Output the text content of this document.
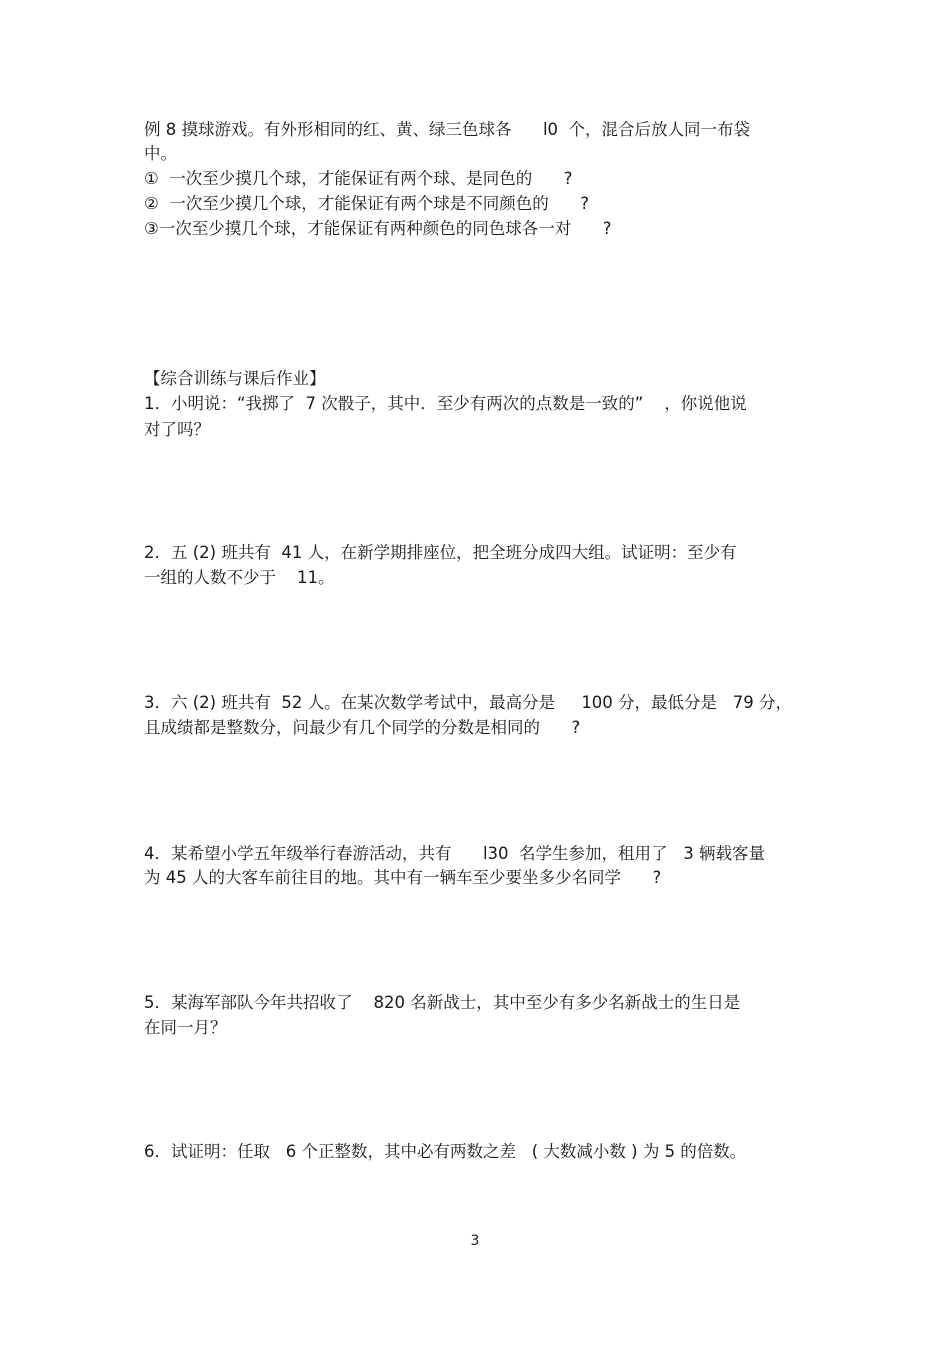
例 8 摸球游戏。有外形相同的红、黄、绿三色球各      l0  个，混合后放人同一布袋
中。
①  一次至少摸几个球，才能保证有两个球、是同色的      ?
②  一次至少摸几个球，才能保证有两个球是不同颜色的      ?
③一次至少摸几个球，才能保证有两种颜色的同色球各一对      ?
【综合训练与课后作业】
1．小明说：“我掷了  7 次骰子，其中．至少有两次的点数是一致的”    ，你说他说
对了吗？
2．五 (2) 班共有  41 人，在新学期排座位，把全班分成四大组。试证明：至少有
一组的人数不少于    11。
3．六 (2) 班共有  52 人。在某次数学考试中，最高分是     100 分，最低分是   79 分，
且成绩都是整数分，问最少有几个同学的分数是相同的      ?
4．某希望小学五年级举行春游活动，共有      l30  名学生参加，租用了   3 辆载客量
为 45 人的大客车前往目的地。其中有一辆车至少要坐多少名同学      ?
5．某海军部队今年共招收了    820 名新战士，其中至少有多少名新战士的生日是
在同一月？
6．试证明：任取   6 个正整数，其中必有两数之差   ( 大数减小数 ) 为 5 的倍数。
3
